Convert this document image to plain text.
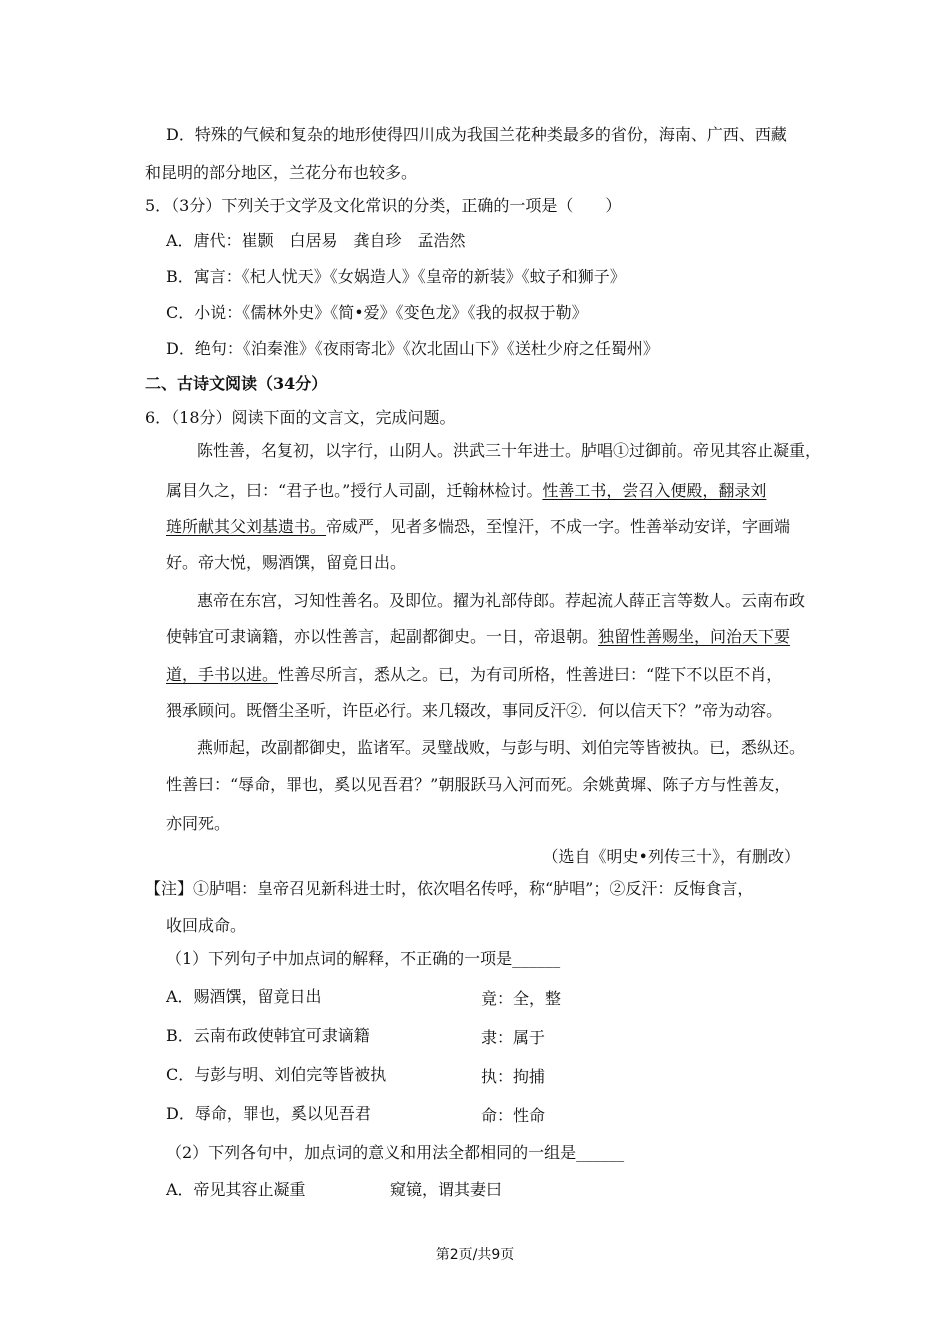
D．特殊的气候和复杂的地形使得四川成为我国兰花种类最多的省份，海南、广西、西藏
和昆明的部分地区，兰花分布也较多。
5．（3分）下列关于文学及文化常识的分类，正确的一项是（　　）
A．唐代：崔颢　白居易　龚自珍　孟浩然
B．寓言：《杞人忧天》《女娲造人》《皇帝的新装》《蚊子和狮子》
C．小说：《儒林外史》《简•爱》《变色龙》《我的叔叔于勒》
D．绝句：《泊秦淮》《夜雨寄北》《次北固山下》《送杜少府之任蜀州》
二、古诗文阅读（34分）
6．（18分）阅读下面的文言文，完成问题。
陈性善，名复初，以字行，山阴人。洪武三十年进士。胪唱①过御前。帝见其容止凝重，
属目久之，曰：“君子也。”授行人司副，迁翰林检讨。性善工书，尝召入便殿，翻录刘
琏所献其父刘基遗书。帝威严，见者多惴恐，至惶汗，不成一字。性善举动安详，字画端
好。帝大悦，赐酒馔，留竟日出。
惠帝在东宫，习知性善名。及即位。擢为礼部侍郎。荐起流人薛正言等数人。云南布政
使韩宜可隶谪籍，亦以性善言，起副都御史。一日，帝退朝。独留性善赐坐，问治天下要
道，手书以进。性善尽所言，悉从之。已，为有司所格，性善进曰：“陛下不以臣不肖，
猥承顾问。既僭尘圣听，许臣必行。来几辍改，事同反汗②．何以信天下？”帝为动容。
燕师起，改副都御史，监诸军。灵璧战败，与彭与明、刘伯完等皆被执。已，悉纵还。
性善曰：“辱命，罪也，奚以见吾君？”朝服跃马入河而死。余姚黄墀、陈子方与性善友，
亦同死。
（选自《明史•列传三十》，有删改）
【注】①胪唱：皇帝召见新科进士时，依次唱名传呼，称“胪唱”；②反汗：反悔食言，
收回成命。
（1）下列句子中加点词的解释，不正确的一项是______
A．赐酒馔，留竟日出	竟：全，整
B．云南布政使韩宜可隶谪籍	隶：属于
C．与彭与明、刘伯完等皆被执	执：拘捕
D．辱命，罪也，奚以见吾君	命：性命
（2）下列各句中，加点词的意义和用法全都相同的一组是______
A．帝见其容止凝重	窥镜，谓其妻曰
第2页/共9页
